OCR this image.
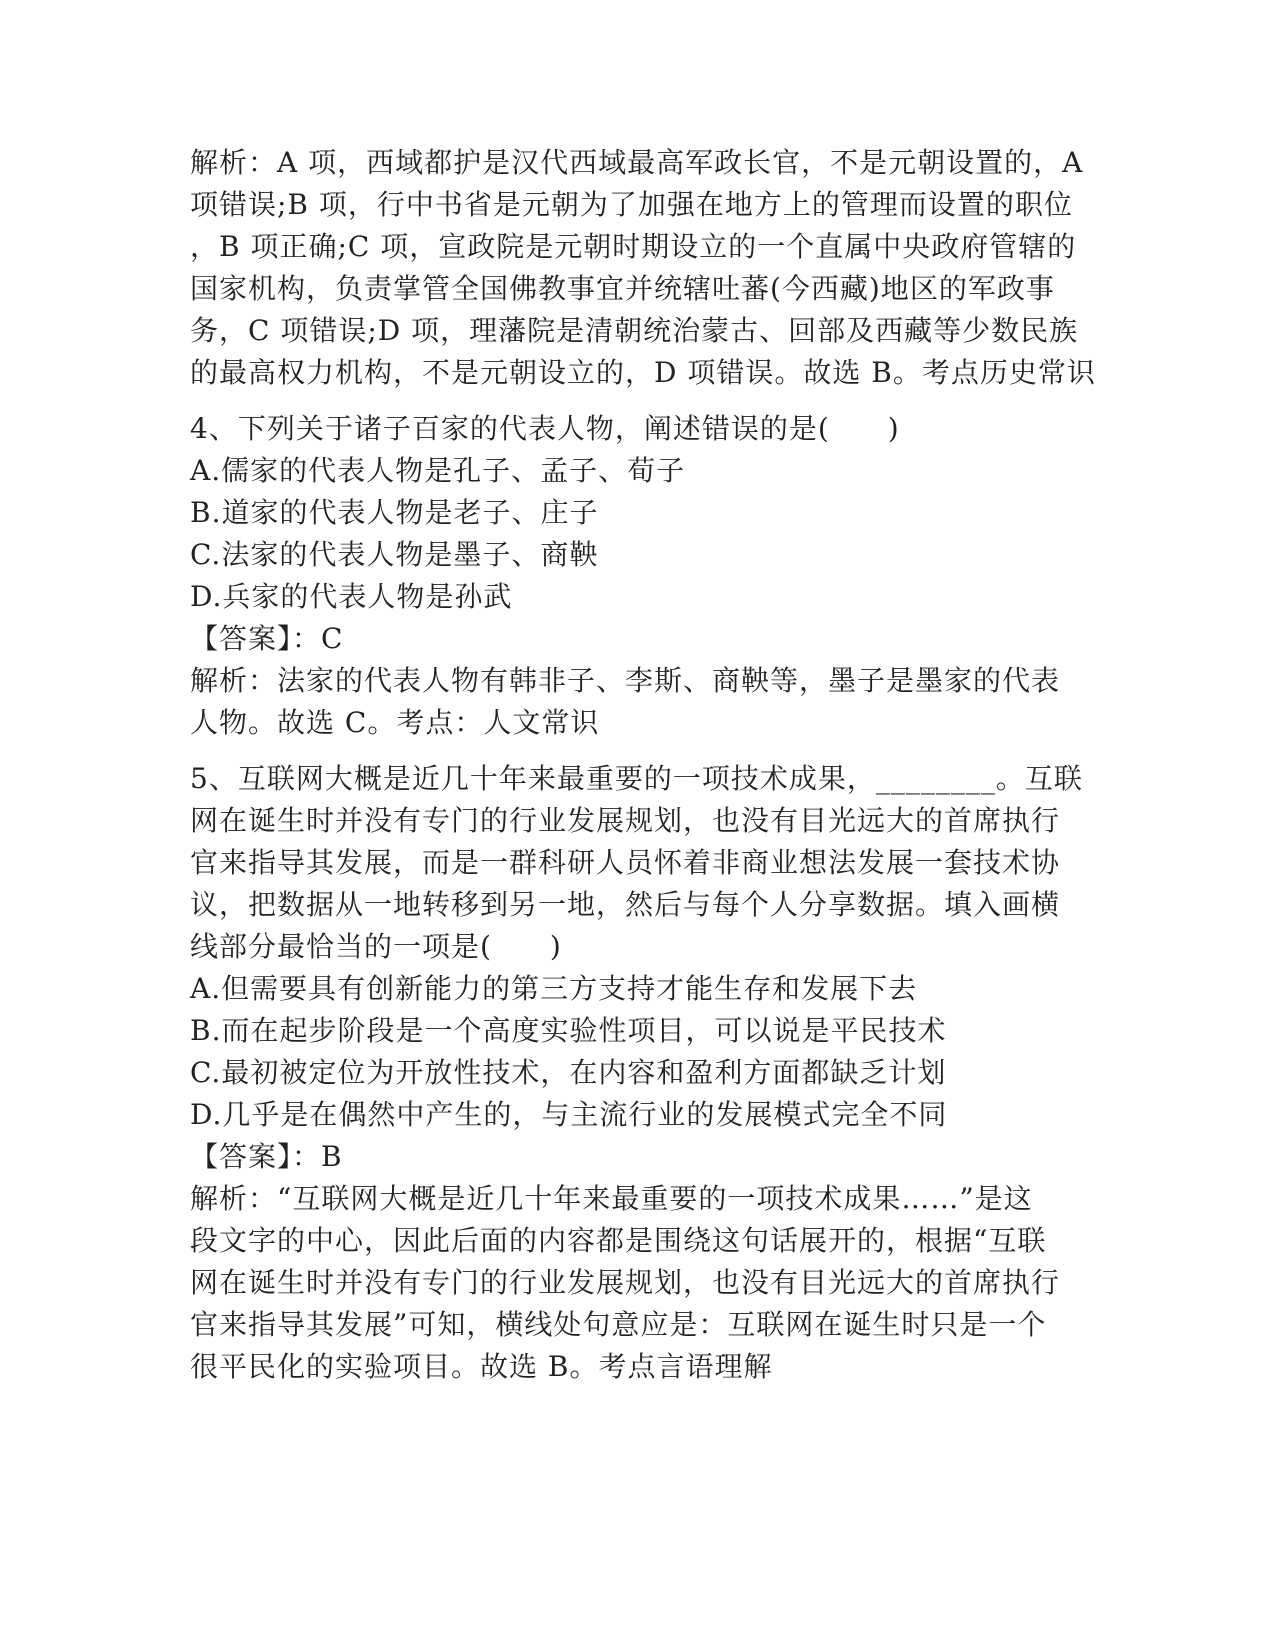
解析：A 项，西域都护是汉代西域最高军政长官，不是元朝设置的，A
项错误;B 项，行中书省是元朝为了加强在地方上的管理而设置的职位
，B 项正确;C 项，宣政院是元朝时期设立的一个直属中央政府管辖的
国家机构，负责掌管全国佛教事宜并统辖吐蕃(今西藏)地区的军政事
务，C 项错误;D 项，理藩院是清朝统治蒙古、回部及西藏等少数民族
的最高权力机构，不是元朝设立的，D 项错误。故选 B。考点历史常识
4、下列关于诸子百家的代表人物，阐述错误的是(　　)
A.儒家的代表人物是孔子、孟子、荀子
B.道家的代表人物是老子、庄子
C.法家的代表人物是墨子、商鞅
D.兵家的代表人物是孙武
【答案】：C
解析：法家的代表人物有韩非子、李斯、商鞅等，墨子是墨家的代表
人物。故选 C。考点：人文常识
5、互联网大概是近几十年来最重要的一项技术成果，________。互联
网在诞生时并没有专门的行业发展规划，也没有目光远大的首席执行
官来指导其发展，而是一群科研人员怀着非商业想法发展一套技术协
议，把数据从一地转移到另一地，然后与每个人分享数据。填入画横
线部分最恰当的一项是(　　)
A.但需要具有创新能力的第三方支持才能生存和发展下去
B.而在起步阶段是一个高度实验性项目，可以说是平民技术
C.最初被定位为开放性技术，在内容和盈利方面都缺乏计划
D.几乎是在偶然中产生的，与主流行业的发展模式完全不同
【答案】：B
解析：“互联网大概是近几十年来最重要的一项技术成果……”是这
段文字的中心，因此后面的内容都是围绕这句话展开的，根据“互联
网在诞生时并没有专门的行业发展规划，也没有目光远大的首席执行
官来指导其发展”可知，横线处句意应是：互联网在诞生时只是一个
很平民化的实验项目。故选 B。考点言语理解
